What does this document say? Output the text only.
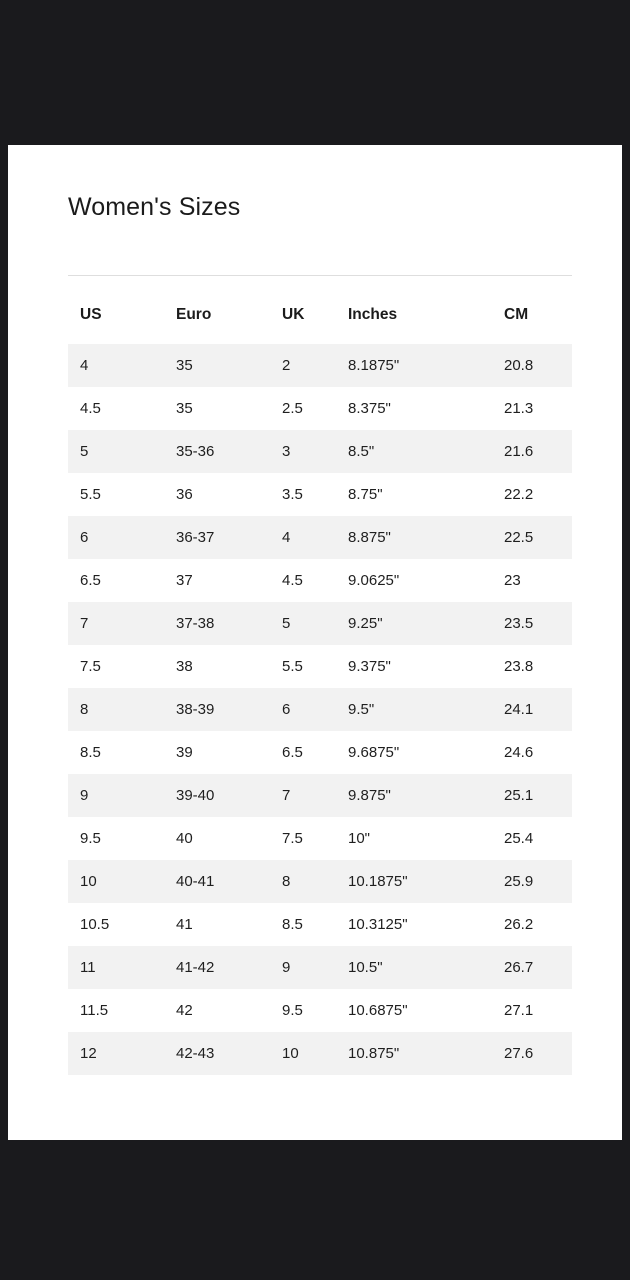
Women's Sizes
US	Euro	UK	Inches	CM
4	35	2	8.1875"	20.8
4.5	35	2.5	8.375"	21.3
5	35-36	3	8.5"	21.6
5.5	36	3.5	8.75"	22.2
6	36-37	4	8.875"	22.5
6.5	37	4.5	9.0625"	23
7	37-38	5	9.25"	23.5
7.5	38	5.5	9.375"	23.8
8	38-39	6	9.5"	24.1
8.5	39	6.5	9.6875"	24.6
9	39-40	7	9.875"	25.1
9.5	40	7.5	10"	25.4
10	40-41	8	10.1875"	25.9
10.5	41	8.5	10.3125"	26.2
11	41-42	9	10.5"	26.7
11.5	42	9.5	10.6875"	27.1
12	42-43	10	10.875"	27.6
